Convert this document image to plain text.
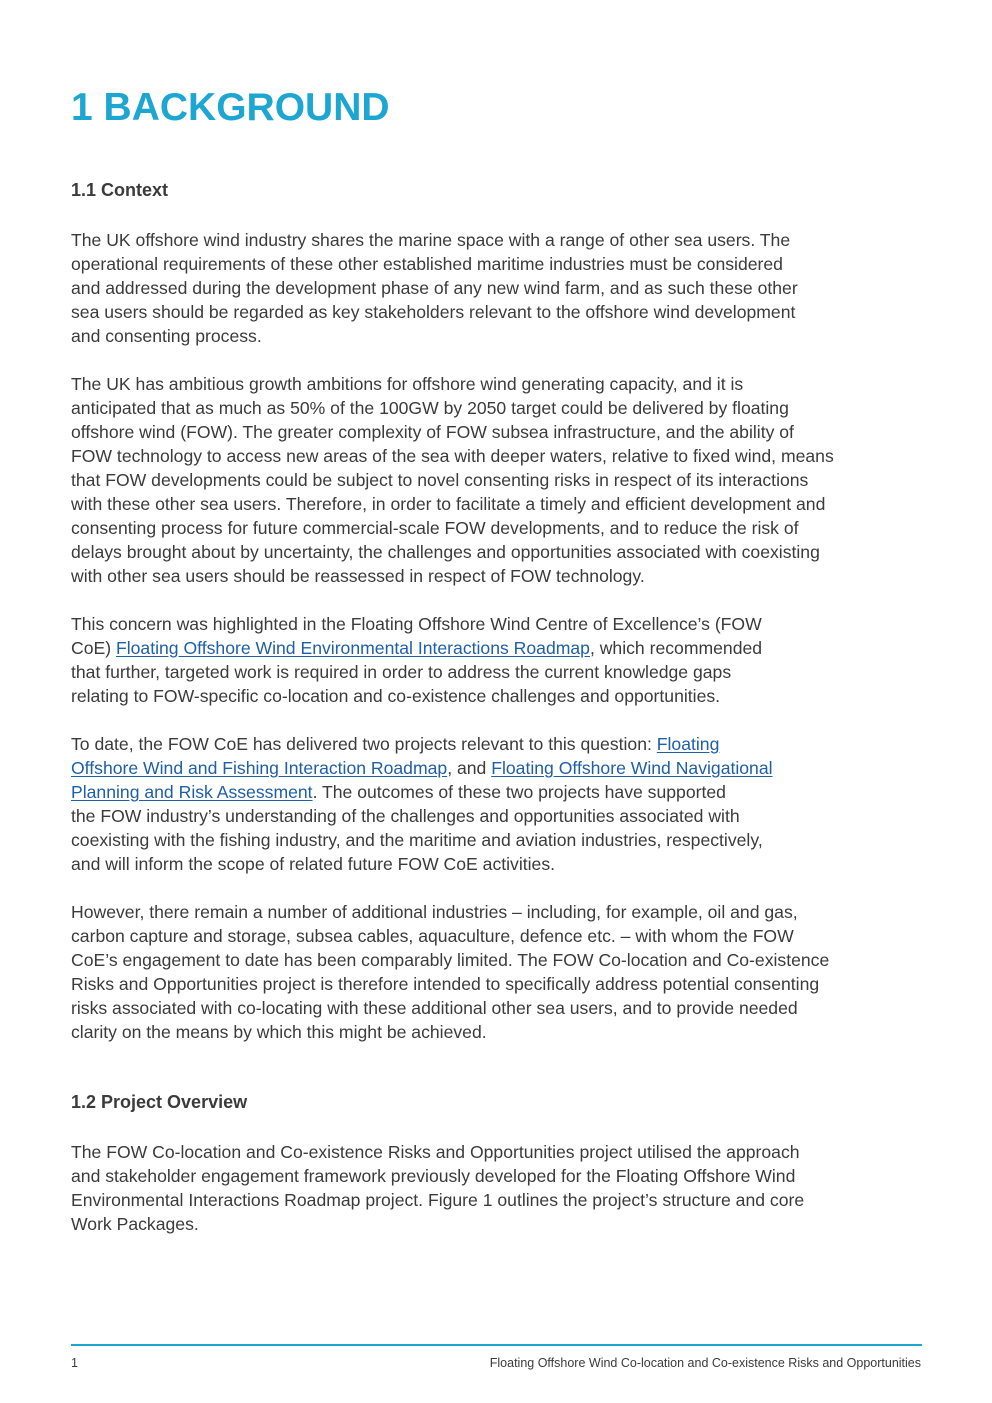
1 BACKGROUND
1.1 Context

The UK offshore wind industry shares the marine space with a range of other sea users. The
operational requirements of these other established maritime industries must be considered
and addressed during the development phase of any new wind farm, and as such these other
sea users should be regarded as key stakeholders relevant to the offshore wind development
and consenting process.

The UK has ambitious growth ambitions for offshore wind generating capacity, and it is
anticipated that as much as 50% of the 100GW by 2050 target could be delivered by floating
offshore wind (FOW). The greater complexity of FOW subsea infrastructure, and the ability of
FOW technology to access new areas of the sea with deeper waters, relative to fixed wind, means
that FOW developments could be subject to novel consenting risks in respect of its interactions
with these other sea users. Therefore, in order to facilitate a timely and efficient development and
consenting process for future commercial-scale FOW developments, and to reduce the risk of
delays brought about by uncertainty, the challenges and opportunities associated with coexisting
with other sea users should be reassessed in respect of FOW technology.

This concern was highlighted in the Floating Offshore Wind Centre of Excellence’s (FOW
CoE) Floating Offshore Wind Environmental Interactions Roadmap, which recommended
that further, targeted work is required in order to address the current knowledge gaps
relating to FOW-specific co-location and co-existence challenges and opportunities.

To date, the FOW CoE has delivered two projects relevant to this question: Floating
Offshore Wind and Fishing Interaction Roadmap, and Floating Offshore Wind Navigational
Planning and Risk Assessment. The outcomes of these two projects have supported
the FOW industry’s understanding of the challenges and opportunities associated with
coexisting with the fishing industry, and the maritime and aviation industries, respectively,
and will inform the scope of related future FOW CoE activities.

However, there remain a number of additional industries – including, for example, oil and gas,
carbon capture and storage, subsea cables, aquaculture, defence etc. – with whom the FOW
CoE’s engagement to date has been comparably limited. The FOW Co-location and Co-existence
Risks and Opportunities project is therefore intended to specifically address potential consenting
risks associated with co-locating with these additional other sea users, and to provide needed
clarity on the means by which this might be achieved.

1.2 Project Overview

The FOW Co-location and Co-existence Risks and Opportunities project utilised the approach
and stakeholder engagement framework previously developed for the Floating Offshore Wind
Environmental Interactions Roadmap project. Figure 1 outlines the project’s structure and core
Work Packages.

1	Floating Offshore Wind Co-location and Co-existence Risks and Opportunities
